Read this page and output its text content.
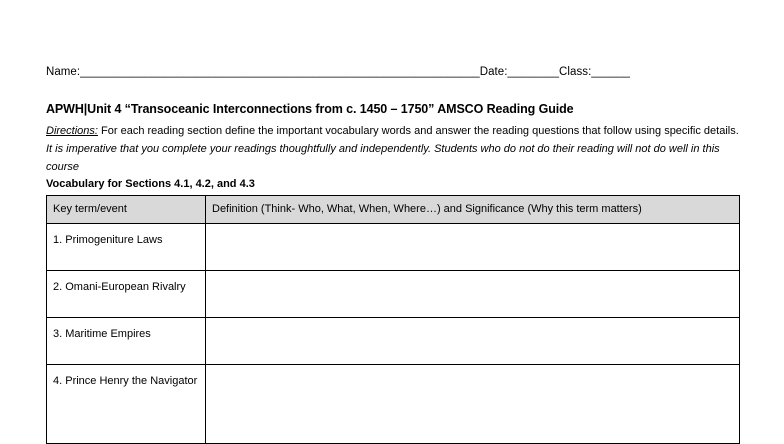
Name:______________________________________________________________Date:________Class:______
APWH|Unit 4 “Transoceanic Interconnections from c. 1450 – 1750” AMSCO Reading Guide
Directions: For each reading section define the important vocabulary words and answer the reading questions that follow using specific details. It is imperative that you complete your readings thoughtfully and independently. Students who do not do their reading will not do well in this course
Vocabulary for Sections 4.1, 4.2, and 4.3
Key term/event	Definition (Think- Who, What, When, Where…) and Significance (Why this term matters)

1. Primogeniture Laws	

2. Omani-European Rivalry	

3. Maritime Empires	

4. Prince Henry the Navigator	
